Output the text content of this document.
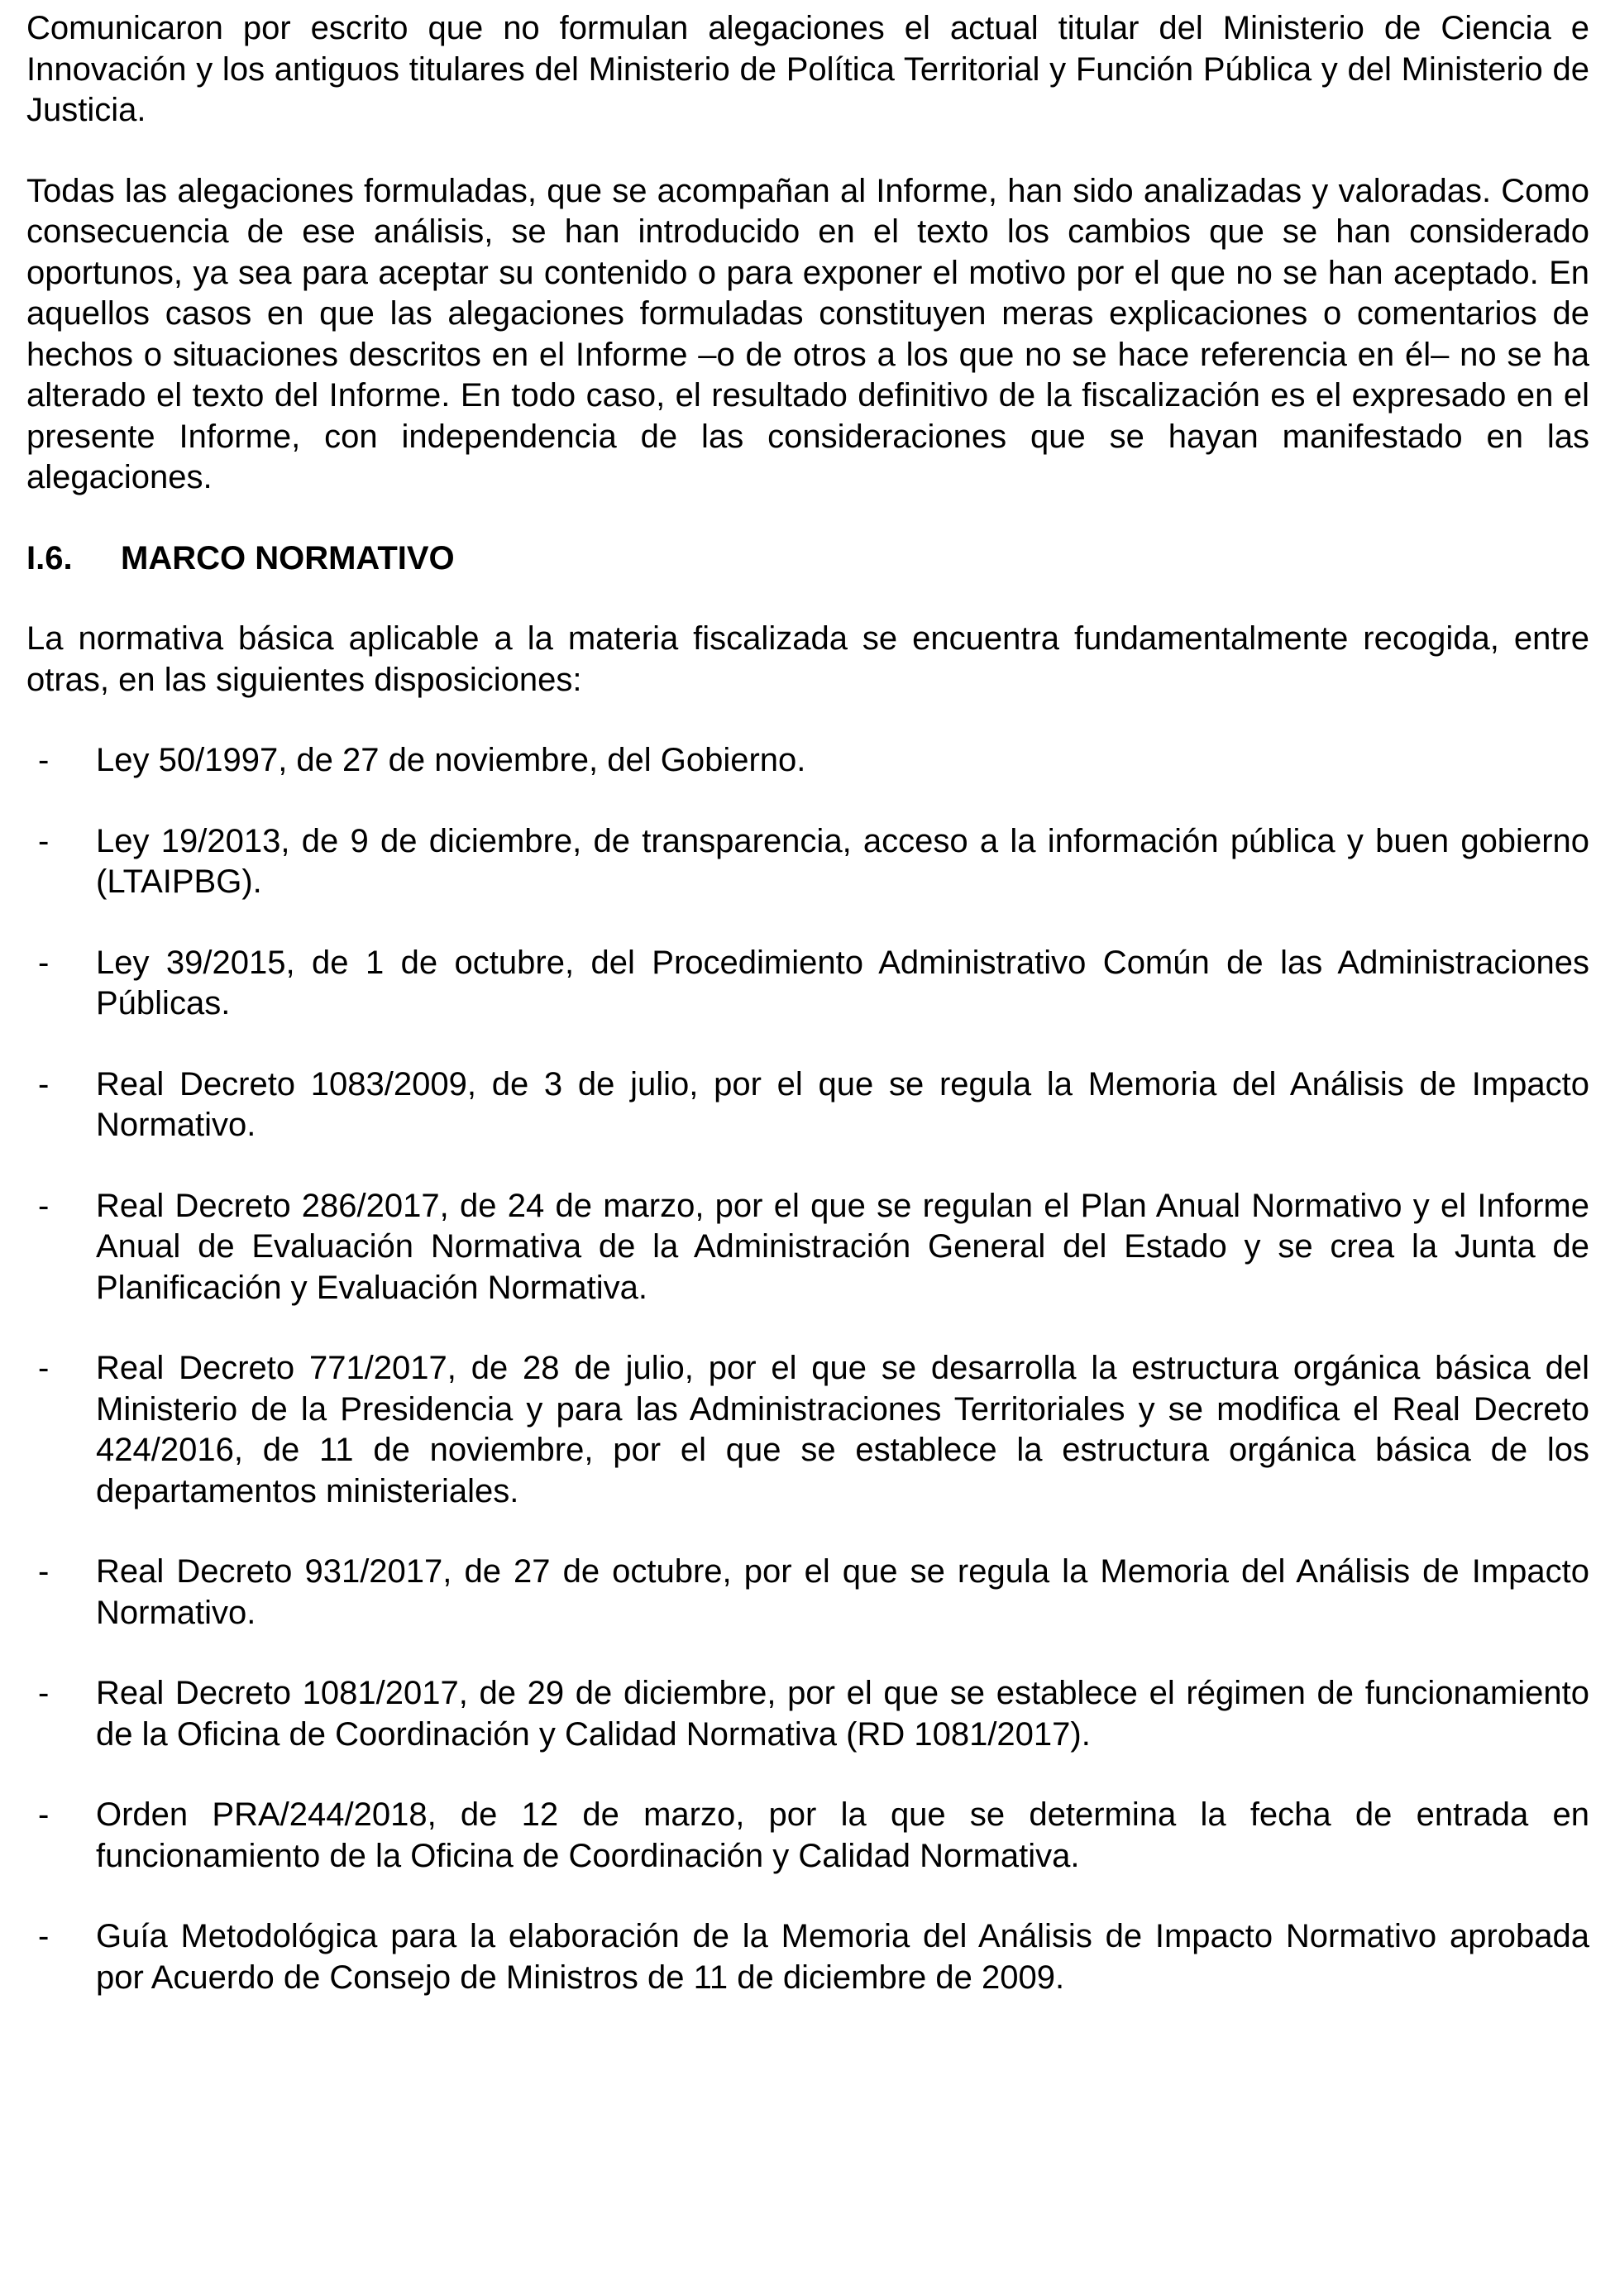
Comunicaron por escrito que no formulan alegaciones el actual titular del Ministerio de Ciencia e Innovación y los antiguos titulares del Ministerio de Política Territorial y Función Pública y del Ministerio de Justicia.

Todas las alegaciones formuladas, que se acompañan al Informe, han sido analizadas y valoradas. Como consecuencia de ese análisis, se han introducido en el texto los cambios que se han considerado oportunos, ya sea para aceptar su contenido o para exponer el motivo por el que no se han aceptado. En aquellos casos en que las alegaciones formuladas constituyen meras explicaciones o comentarios de hechos o situaciones descritos en el Informe –o de otros a los que no se hace referencia en él– no se ha alterado el texto del Informe. En todo caso, el resultado definitivo de la fiscalización es el expresado en el presente Informe, con independencia de las consideraciones que se hayan manifestado en las alegaciones.

I.6.	MARCO NORMATIVO

La normativa básica aplicable a la materia fiscalizada se encuentra fundamentalmente recogida, entre otras, en las siguientes disposiciones:

- Ley 50/1997, de 27 de noviembre, del Gobierno.
- Ley 19/2013, de 9 de diciembre, de transparencia, acceso a la información pública y buen gobierno (LTAIPBG).
- Ley 39/2015, de 1 de octubre, del Procedimiento Administrativo Común de las Administraciones Públicas.
- Real Decreto 1083/2009, de 3 de julio, por el que se regula la Memoria del Análisis de Impacto Normativo.
- Real Decreto 286/2017, de 24 de marzo, por el que se regulan el Plan Anual Normativo y el Informe Anual de Evaluación Normativa de la Administración General del Estado y se crea la Junta de Planificación y Evaluación Normativa.
- Real Decreto 771/2017, de 28 de julio, por el que se desarrolla la estructura orgánica básica del Ministerio de la Presidencia y para las Administraciones Territoriales y se modifica el Real Decreto 424/2016, de 11 de noviembre, por el que se establece la estructura orgánica básica de los departamentos ministeriales.
- Real Decreto 931/2017, de 27 de octubre, por el que se regula la Memoria del Análisis de Impacto Normativo.
- Real Decreto 1081/2017, de 29 de diciembre, por el que se establece el régimen de funcionamiento de la Oficina de Coordinación y Calidad Normativa (RD 1081/2017).
- Orden PRA/244/2018, de 12 de marzo, por la que se determina la fecha de entrada en funcionamiento de la Oficina de Coordinación y Calidad Normativa.
- Guía Metodológica para la elaboración de la Memoria del Análisis de Impacto Normativo aprobada por Acuerdo de Consejo de Ministros de 11 de diciembre de 2009.
